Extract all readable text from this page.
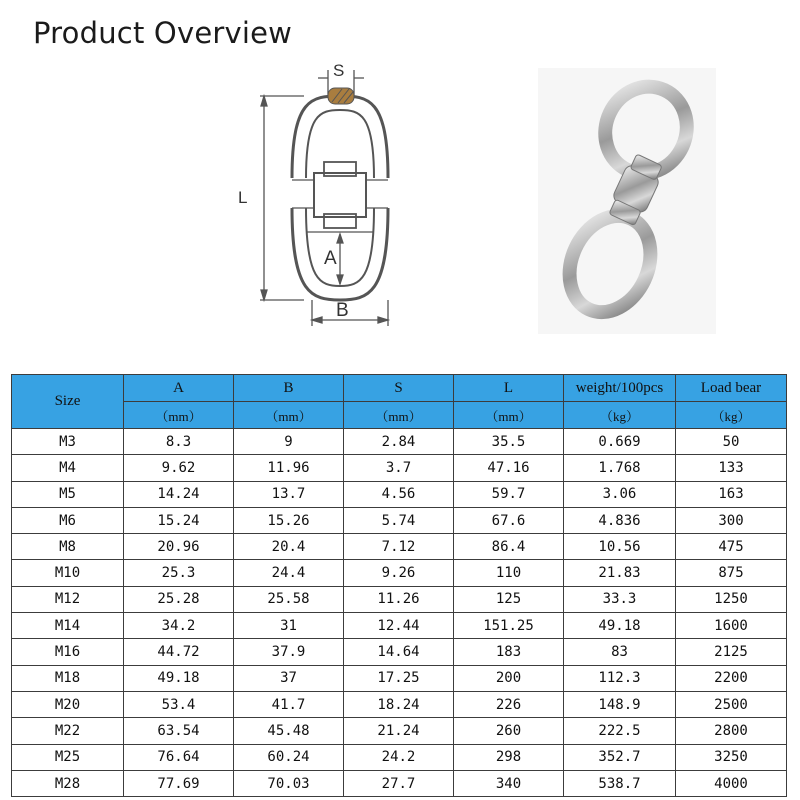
Product Overview
S
L
A
B
Size	A	B	S	L	weight/100pcs	Load bear
	（mm）	（mm）	（mm）	（mm）	（kg）	（kg）
M3	8.3	9	2.84	35.5	0.669	50
M4	9.62	11.96	3.7	47.16	1.768	133
M5	14.24	13.7	4.56	59.7	3.06	163
M6	15.24	15.26	5.74	67.6	4.836	300
M8	20.96	20.4	7.12	86.4	10.56	475
M10	25.3	24.4	9.26	110	21.83	875
M12	25.28	25.58	11.26	125	33.3	1250
M14	34.2	31	12.44	151.25	49.18	1600
M16	44.72	37.9	14.64	183	83	2125
M18	49.18	37	17.25	200	112.3	2200
M20	53.4	41.7	18.24	226	148.9	2500
M22	63.54	45.48	21.24	260	222.5	2800
M25	76.64	60.24	24.2	298	352.7	3250
M28	77.69	70.03	27.7	340	538.7	4000
